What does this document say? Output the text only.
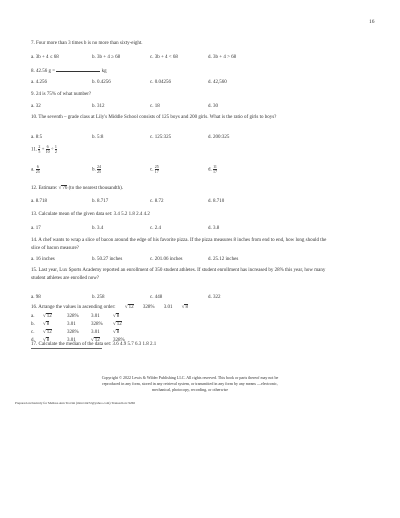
16
7. Four more than 3 times b is no more than sixty-eight.
a. 3b + 4 ≤ 68	b. 3b + 4 ≥ 68	c. 3b + 4 < 68	d. 3b + 4 > 68
8. 42.56 g =	kg
a. 4.256	b. 0.4256	c. 0.04256	d. 42,560
9. 24 is 75% of what number?
a. 32	b. 312	c. 18	d. 30
10. The seventh – grade class at Lily's Middle School consists of 125 boys and 200 girls. What is the ratio of girls to boys?
a. 8:5	b. 5:8	c. 125:325	d. 200:325
11. $\frac{2}{5} + \frac{6}{10} \div \frac{1}{2}$
a. $\frac{6}{25}$	b. $\frac{24}{25}$	c. $\frac{25}{17}$	d. $\frac{11}{17}$
12. Estimate: √76 (to the nearest thousandth).
a. 8.718	b. 8.717	c. 8.72	d. 8.710
13. Calculate mean of the given data set: 3.4 5.2 1.8 2.4 4.2
a. 17	b. 3.4	c. 2.4	d. 3.8
14. A chef wants to wrap a slice of bacon around the edge of his favorite pizza. If the pizza measures 8 inches from end to end, how long should the slice of bacon measure?
a. 16 inches	b. 50.27 inches	c. 201.06 inches	d. 25.12 inches
15. Last year, Lux Sports Academy reported an enrollment of 350 student athletes. If student enrollment has increased by 28% this year, how many student athletes are enrolled now?
a. 98	b. 258	c. 448	d. 322
16. Arrange the values in ascending order: √12 328% 3.01 √8
a. √12	328% 3.01	√8
b. √8	3.01	328% √12
c. √12	328% 3.01	√8
d. √8	3.01	√12	328%
17. Calculate the median of the data set: 3.6 4.9 5.7 6.3 1.8 2.1
Copyright © 2022 Lewis & Wilder Publishing LLC. All rights reserved. This book or parts thereof may not be
reproduced in any form, stored in any retrieval system, or transmitted in any form by any means —electronic,
mechanical, photocopy, recording, or otherwise
Prepared exclusively for Melissa Ann Trovini (mtrovini72@yahoo.com) Transaction: 9266
